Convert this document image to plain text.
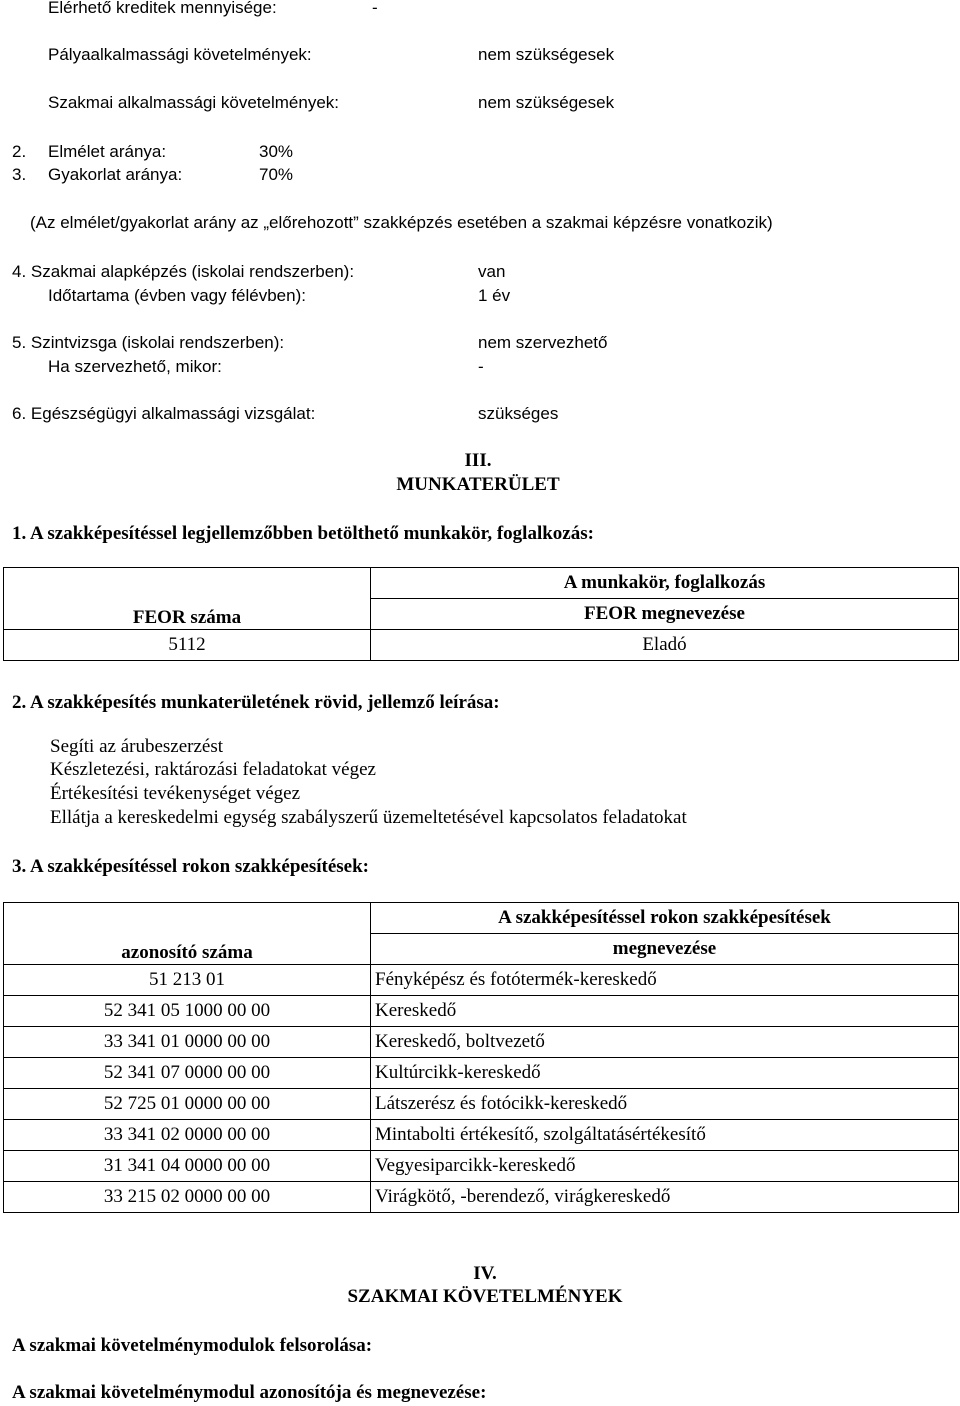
Elérhető kreditek mennyisége:	-
Pályaalkalmassági követelmények:	nem szükségesek
Szakmai alkalmassági követelmények:	nem szükségesek
2. Elmélet aránya:	30%
3. Gyakorlat aránya:	70%
(Az elmélet/gyakorlat arány az „előrehozott” szakképzés esetében a szakmai képzésre vonatkozik)
4. Szakmai alapképzés (iskolai rendszerben):	van
Időtartama (évben vagy félévben):	1 év
5. Szintvizsga (iskolai rendszerben):	nem szervezhető
Ha szervezhető, mikor:	-
6. Egészségügyi alkalmassági vizsgálat:	szükséges
III.
MUNKATERÜLET
1. A szakképesítéssel legjellemzőbben betölthető munkakör, foglalkozás:
FEOR száma	A munkakör, foglalkozás
	FEOR megnevezése
5112	Eladó
2. A szakképesítés munkaterületének rövid, jellemző leírása:
Segíti az árubeszerzést
Készletezési, raktározási feladatokat végez
Értékesítési tevékenységet végez
Ellátja a kereskedelmi egység szabályszerű üzemeltetésével kapcsolatos feladatokat
3. A szakképesítéssel rokon szakképesítések:
azonosító száma	A szakképesítéssel rokon szakképesítések
	megnevezése
51 213 01	Fényképész és fotótermék-kereskedő
52 341 05 1000 00 00	Kereskedő
33 341 01 0000 00 00	Kereskedő, boltvezető
52 341 07 0000 00 00	Kultúrcikk-kereskedő
52 725 01 0000 00 00	Látszerész és fotócikk-kereskedő
33 341 02 0000 00 00	Mintabolti értékesítő, szolgáltatásértékesítő
31 341 04 0000 00 00	Vegyesiparcikk-kereskedő
33 215 02 0000 00 00	Virágkötő, -berendező, virágkereskedő
IV.
SZAKMAI KÖVETELMÉNYEK
A szakmai követelménymodulok felsorolása:
A szakmai követelménymodul azonosítója és megnevezése:
